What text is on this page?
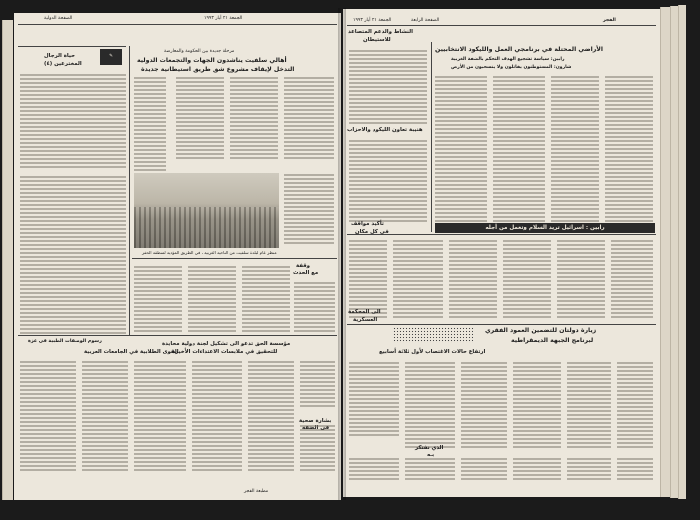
الجمعة ٢١ أيار ١٩٩٣
الصفحة الدولية
مرحلة جديدة بين الحكومة والمعارضة
أهالي سلفيت يناشدون الجهات والتجمعات الدولية
التدخل لإيقاف مشروع شق طريق استيطانية جديدة
منظر عام لبلدة سلفيت من الناحية الغربية ، في الطريق المؤدية لمنطقة الحفر
حياة الرجال
المخترعين (٤)
✎
وقفة
مع الحدث
مؤسسة الحق تدعو الى تشكيل لجنة دولية محايدة
للتحقيق في ملابسات الاعتداءات الأخيرة
القوى الطلابية في الجامعات العربية
رسوم الوصفات الطبية في غزة
بشارة صحية
في الضفة
مطبعة الفجر
الجمعة ٢١ أيار ١٩٩٣	الصفحة الرابعة	الفجر
النشاط والدعم المتصاعد
للاستيطان
الأراضي المحتلة في برنامجي العمل والليكود الانتخابيين
رابين: سياسة تشجيع الهدف التحكم بالضفة الغربية
شارون: المستوطنون يقاتلون ولا ينسحبون من الأرض
هنيبة تعاون الليكود والاحزاب
رابين : اسرائيل تريد السلام وتعمل من أجله
تأكيد مواقف
في كل مكان
الى المحكمة
العسكرية
زيارة دولتان للتضمين العمود الفقري
لبرنامج الجبهة الديمقراطية
ارتفاع حالات الاغتصاب لأول ثلاثة أسابيع
الذي نفتكر
بـه
